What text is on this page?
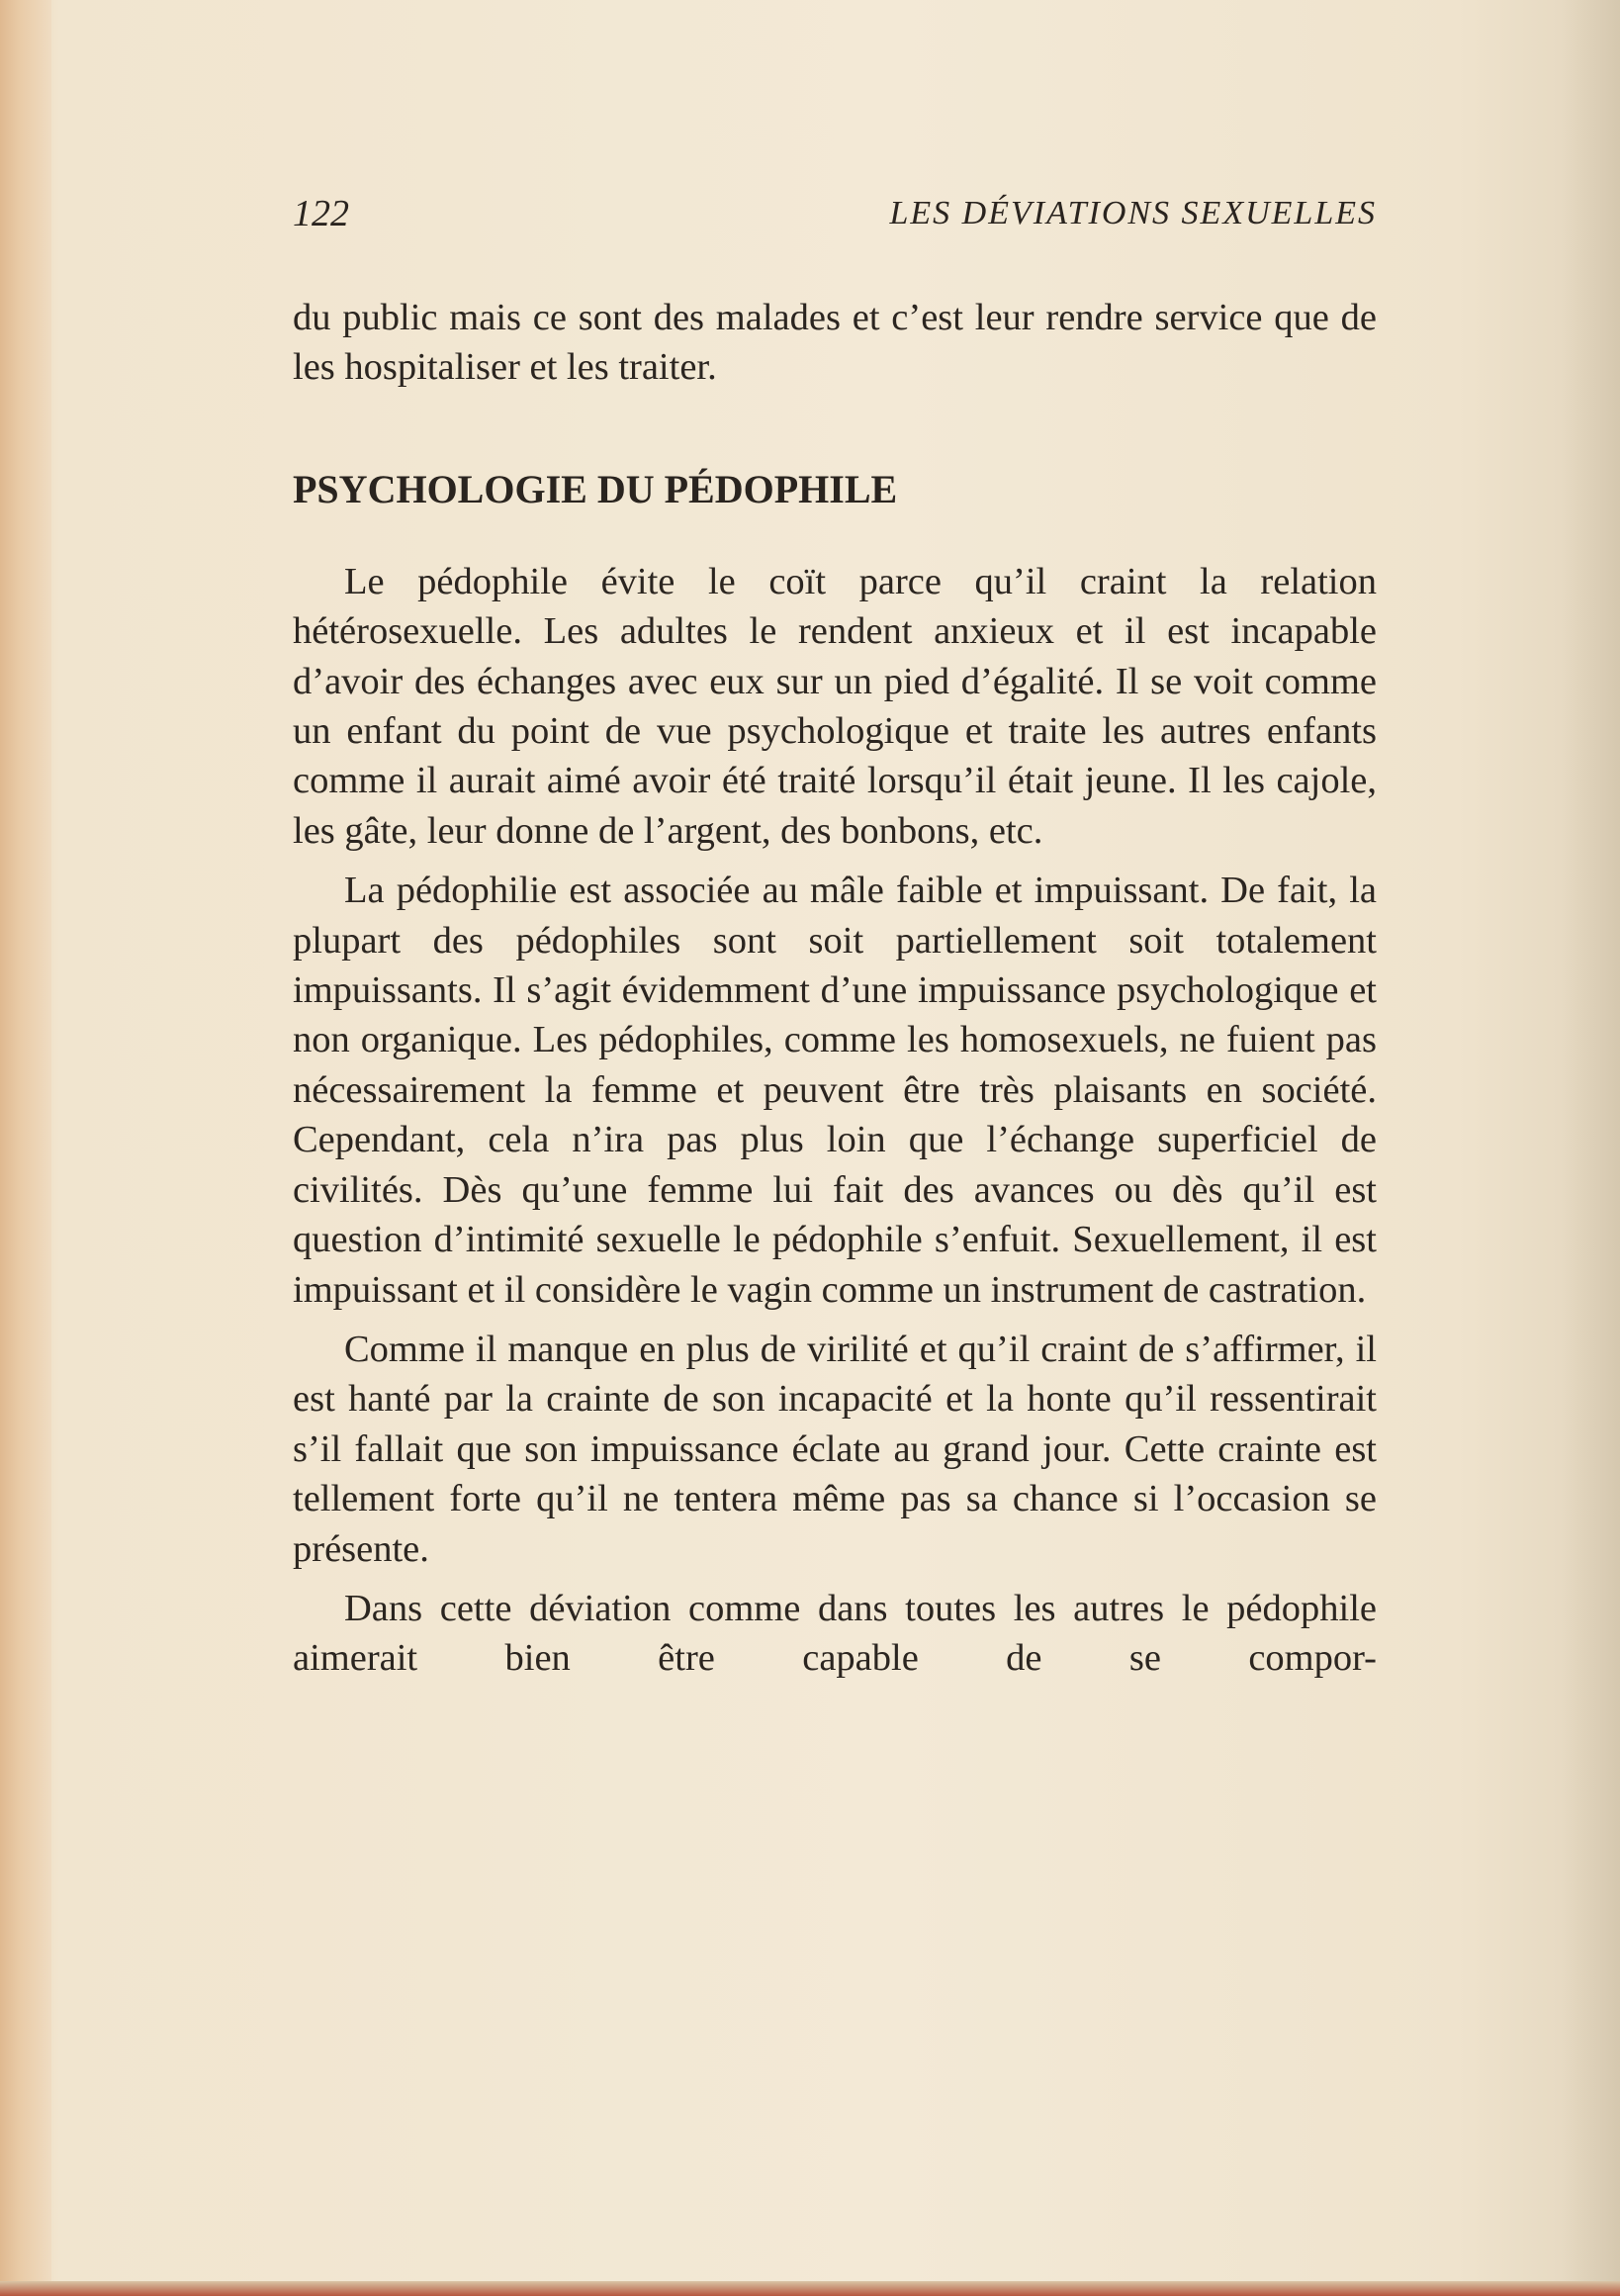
122	LES DÉVIATIONS SEXUELLES

du public mais ce sont des malades et c’est leur rendre service que de les hospitaliser et les traiter.

PSYCHOLOGIE DU PÉDOPHILE

Le pédophile évite le coït parce qu’il craint la relation hétérosexuelle. Les adultes le rendent anxieux et il est incapable d’avoir des échanges avec eux sur un pied d’égalité. Il se voit comme un enfant du point de vue psychologique et traite les autres enfants comme il aurait aimé avoir été traité lorsqu’il était jeune. Il les cajole, les gâte, leur donne de l’argent, des bonbons, etc.

La pédophilie est associée au mâle faible et impuissant. De fait, la plupart des pédophiles sont soit partiellement soit totalement impuissants. Il s’agit évidemment d’une impuissance psychologique et non organique. Les pédophiles, comme les homosexuels, ne fuient pas nécessairement la femme et peuvent être très plaisants en société. Cependant, cela n’ira pas plus loin que l’échange superficiel de civilités. Dès qu’une femme lui fait des avances ou dès qu’il est question d’intimité sexuelle le pédophile s’enfuit. Sexuellement, il est impuissant et il considère le vagin comme un instrument de castration.

Comme il manque en plus de virilité et qu’il craint de s’affirmer, il est hanté par la crainte de son incapacité et la honte qu’il ressentirait s’il fallait que son impuissance éclate au grand jour. Cette crainte est tellement forte qu’il ne tentera même pas sa chance si l’occasion se présente.

Dans cette déviation comme dans toutes les autres le pédophile aimerait bien être capable de se compor-
